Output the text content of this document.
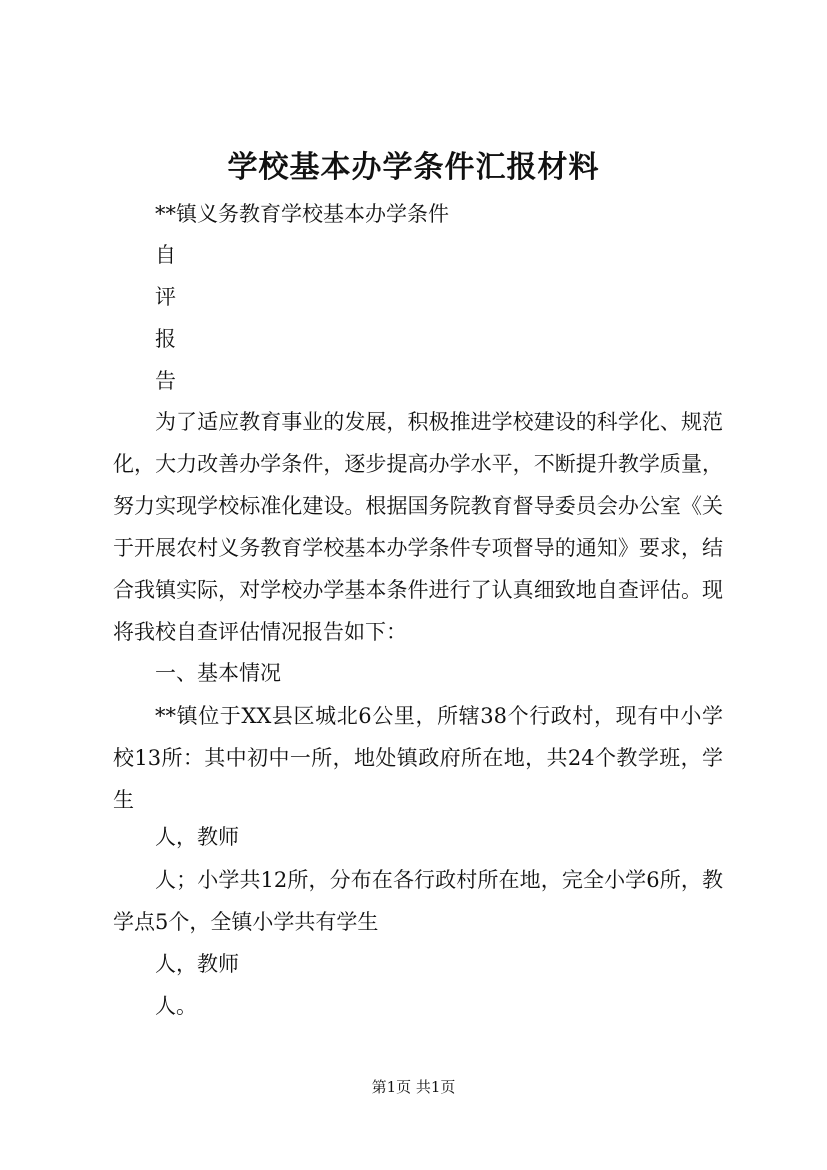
学校基本办学条件汇报材料
**镇义务教育学校基本办学条件
自
评
报
告
为了适应教育事业的发展，积极推进学校建设的科学化、规范化，大力改善办学条件，逐步提高办学水平，不断提升教学质量，努力实现学校标准化建设。根据国务院教育督导委员会办公室《关于开展农村义务教育学校基本办学条件专项督导的通知》要求，结合我镇实际，对学校办学基本条件进行了认真细致地自查评估。现将我校自查评估情况报告如下：
一、基本情况
**镇位于XX县区城北6公里，所辖38个行政村，现有中小学校13所：其中初中一所，地处镇政府所在地，共24个教学班，学生
人，教师
人；小学共12所，分布在各行政村所在地，完全小学6所，教学点5个，全镇小学共有学生
人，教师
人。
第1页 共1页
